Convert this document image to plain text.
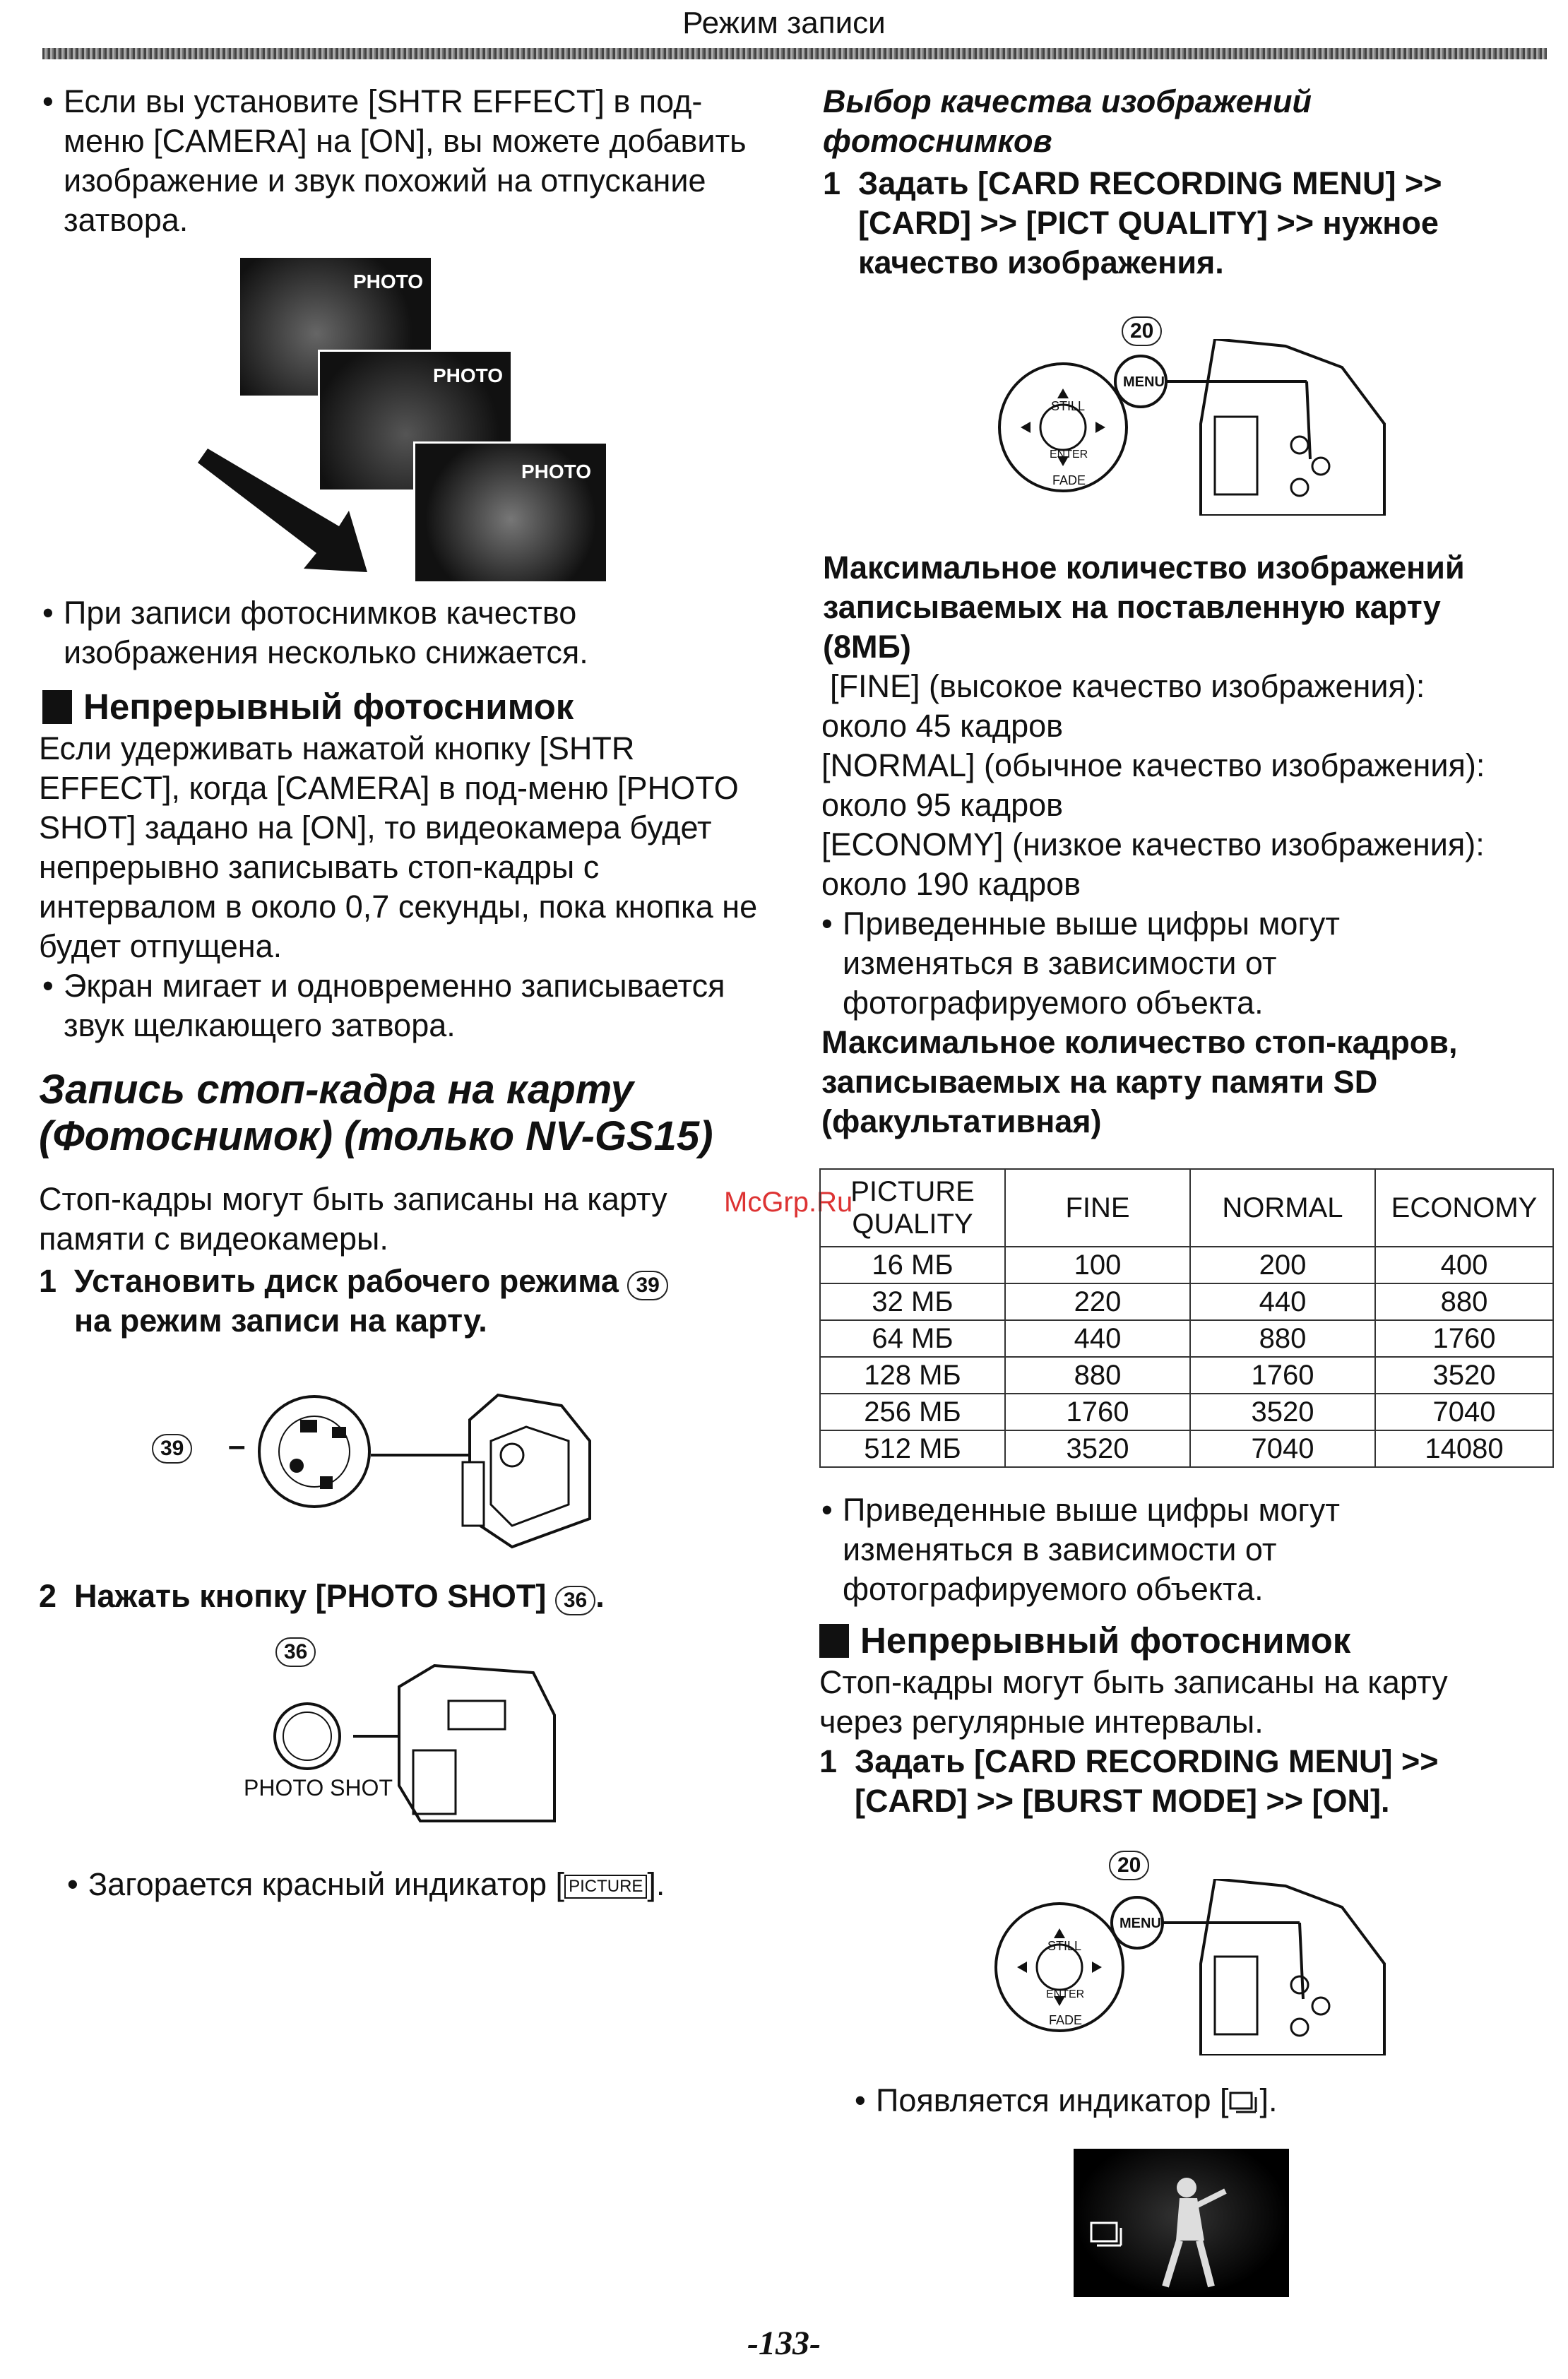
Режим записи
• Если вы установите [SHTR EFFECT] в под-меню [CAMERA] на [ON], вы можете добавить изображение и звук похожий на отпускание затвора.
PHOTO
PHOTO
PHOTO
• При записи фотоснимков качество изображения несколько снижается.
Непрерывный фотоснимок
Если удерживать нажатой кнопку [SHTR EFFECT], когда [CAMERA] в под-меню [PHOTO SHOT] задано на [ON], то видеокамера будет непрерывно записывать стоп-кадры с интервалом в около 0,7 секунды, пока кнопка не будет отпущена.
• Экран мигает и одновременно записывается звук щелкающего затвора.
Запись стоп-кадра на карту
(Фотоснимок) (только NV-GS15)
Стоп-кадры могут быть записаны на карту памяти с видеокамеры.
1 Установить диск рабочего режима 39
на режим записи на карту.
39 –
2 Нажать кнопку [PHOTO SHOT] 36 .
36
PHOTO SHOT
• Загорается красный индикатор [ PICTURE ].
Выбор качества изображений фотоснимков
1 Задать [CARD RECORDING MENU] >> [CARD] >> [PICT QUALITY] >> нужное качество изображения.
20
MENU
STILL
ENTER
FADE
Максимальное количество изображений записываемых на поставленную карту (8МБ)
[FINE] (высокое качество изображения):
около 45 кадров
[NORMAL] (обычное качество изображения):
около 95 кадров
[ECONOMY] (низкое качество изображения):
около 190 кадров
• Приведенные выше цифры могут изменяться в зависимости от фотографируемого объекта.
Максимальное количество стоп-кадров, записываемых на карту памяти SD (факультативная)
McGrp.Ru
PICTURE QUALITY	FINE	NORMAL	ECONOMY
16 МБ	100	200	400
32 МБ	220	440	880
64 МБ	440	880	1760
128 МБ	880	1760	3520
256 МБ	1760	3520	7040
512 МБ	3520	7040	14080
• Приведенные выше цифры могут изменяться в зависимости от фотографируемого объекта.
Непрерывный фотоснимок
Стоп-кадры могут быть записаны на карту через регулярные интервалы.
1 Задать [CARD RECORDING MENU] >> [CARD] >> [BURST MODE] >> [ON].
20
MENU
STILL
ENTER
FADE
• Появляется индикатор [ ].
-133-
